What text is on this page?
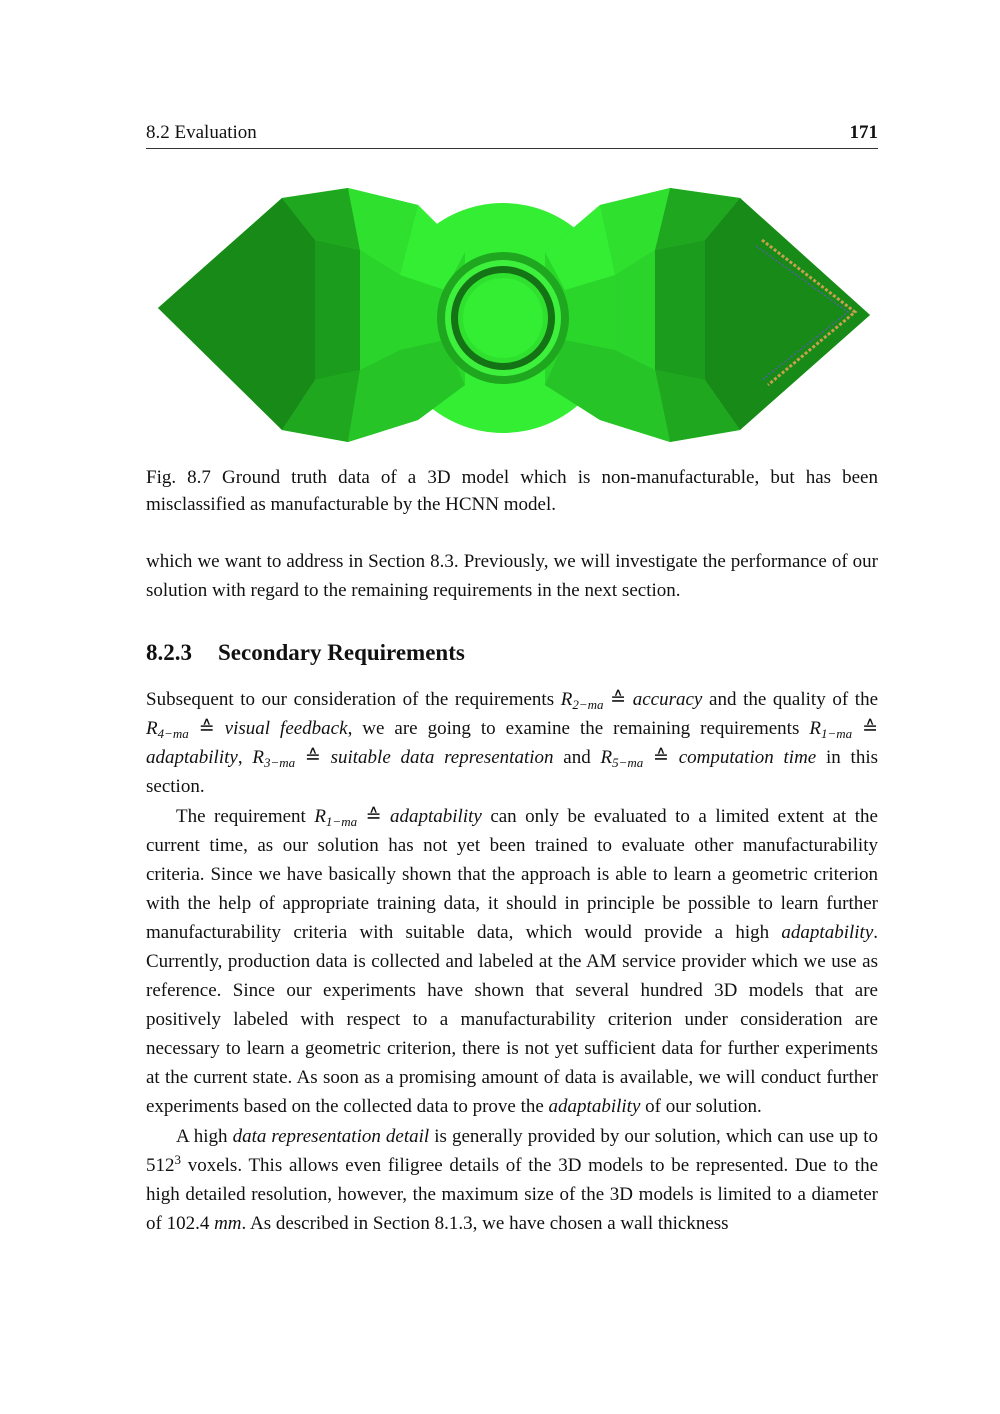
8.2 Evaluation	171
Fig. 8.7 Ground truth data of a 3D model which is non-manufacturable, but has been misclassified as manufacturable by the HCNN model.
which we want to address in Section 8.3. Previously, we will investigate the performance of our solution with regard to the remaining requirements in the next section.
8.2.3 Secondary Requirements
Subsequent to our consideration of the requirements $R_{2-ma}$ ≙ accuracy and the quality of the $R_{4-ma}$ ≙ visual feedback, we are going to examine the remaining requirements $R_{1-ma}$ ≙ adaptability, $R_{3-ma}$ ≙ suitable data representation and $R_{5-ma}$ ≙ computation time in this section.
The requirement $R_{1-ma}$ ≙ adaptability can only be evaluated to a limited extent at the current time, as our solution has not yet been trained to evaluate other manufacturability criteria. Since we have basically shown that the approach is able to learn a geometric criterion with the help of appropriate training data, it should in principle be possible to learn further manufacturability criteria with suitable data, which would provide a high adaptability. Currently, production data is collected and labeled at the AM service provider which we use as reference. Since our experiments have shown that several hundred 3D models that are positively labeled with respect to a manufacturability criterion under consideration are necessary to learn a geometric criterion, there is not yet sufficient data for further experiments at the current state. As soon as a promising amount of data is available, we will conduct further experiments based on the collected data to prove the adaptability of our solution.
A high data representation detail is generally provided by our solution, which can use up to $512^3$ voxels. This allows even filigree details of the 3D models to be represented. Due to the high detailed resolution, however, the maximum size of the 3D models is limited to a diameter of 102.4 mm. As described in Section 8.1.3, we have chosen a wall thickness
